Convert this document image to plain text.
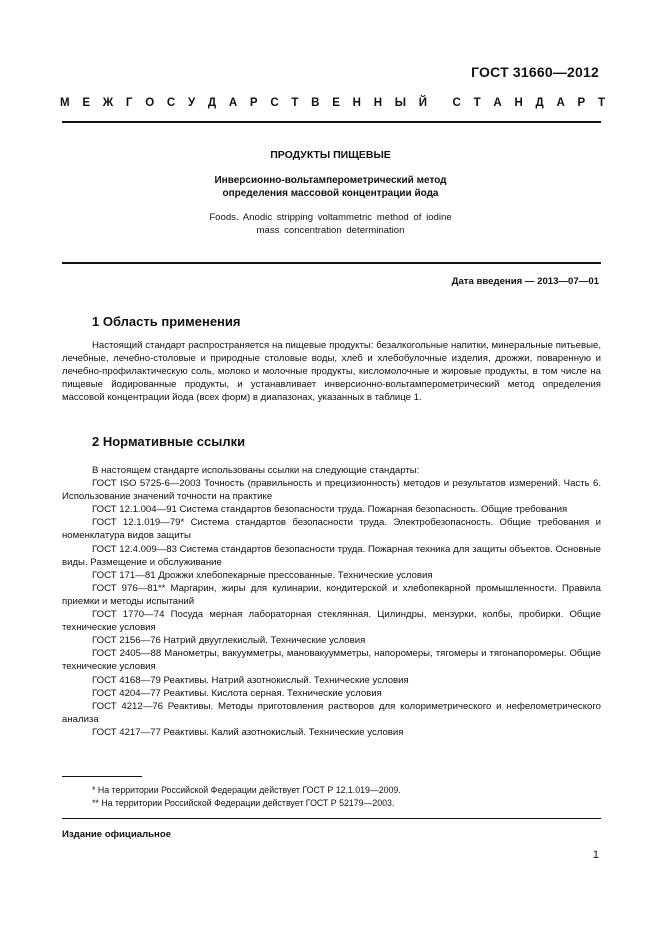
ГОСТ 31660—2012
М Е Ж Г О С У Д А Р С Т В Е Н Н Ы Й С Т А Н Д А Р Т
ПРОДУКТЫ ПИЩЕВЫЕ
Инверсионно-вольтамперометрический метод
определения массовой концентрации йода
Foods. Anodic stripping voltammetric method of iodine
mass concentration determination
Дата введения — 2013—07—01
1 Область применения
Настоящий стандарт распространяется на пищевые продукты: безалкогольные напитки, минеральные питьевые, лечебные, лечебно-столовые и природные столовые воды, хлеб и хлебобулочные изделия, дрожжи, поваренную и лечебно-профилактическую соль, молоко и молочные продукты, кисломолочные и жировые продукты, в том числе на пищевые йодированные продукты, и устанавливает инверсионно-вольтамперометрический метод определения массовой концентрации йода (всех форм) в диапазонах, указанных в таблице 1.
2 Нормативные ссылки

В настоящем стандарте использованы ссылки на следующие стандарты:

ГОСТ ISO 5725-6—2003 Точность (правильность и прецизионность) методов и результатов измерений. Часть 6. Использование значений точности на практике

ГОСТ 12.1.004—91 Система стандартов безопасности труда. Пожарная безопасность. Общие требования

ГОСТ 12.1.019—79* Система стандартов безопасности труда. Электробезопасность. Общие требования и номенклатура видов защиты

ГОСТ 12.4.009—83 Система стандартов безопасности труда. Пожарная техника для защиты объектов. Основные виды. Размещение и обслуживание

ГОСТ 171—81 Дрожжи хлебопекарные прессованные. Технические условия

ГОСТ 976—81** Маргарин, жиры для кулинарии, кондитерской и хлебопекарной промышленности. Правила приемки и методы испытаний

ГОСТ 1770—74 Посуда мерная лабораторная стеклянная. Цилиндры, мензурки, колбы, пробирки. Общие технические условия

ГОСТ 2156—76 Натрий двууглекислый. Технические условия

ГОСТ 2405—88 Манометры, вакуумметры, мановакуумметры, напоромеры, тягомеры и тягонапоромеры. Общие технические условия

ГОСТ 4168—79 Реактивы. Натрий азотнокислый. Технические условия

ГОСТ 4204—77 Реактивы. Кислота серная. Технические условия

ГОСТ 4212—76 Реактивы. Методы приготовления растворов для колориметрического и нефелометрического анализа

ГОСТ 4217—77 Реактивы. Калий азотнокислый. Технические условия

* На территории Российской Федерации действует ГОСТ Р 12.1.019—2009.
** На территории Российской Федерации действует ГОСТ Р 52179—2003.
Издание официальное
1
